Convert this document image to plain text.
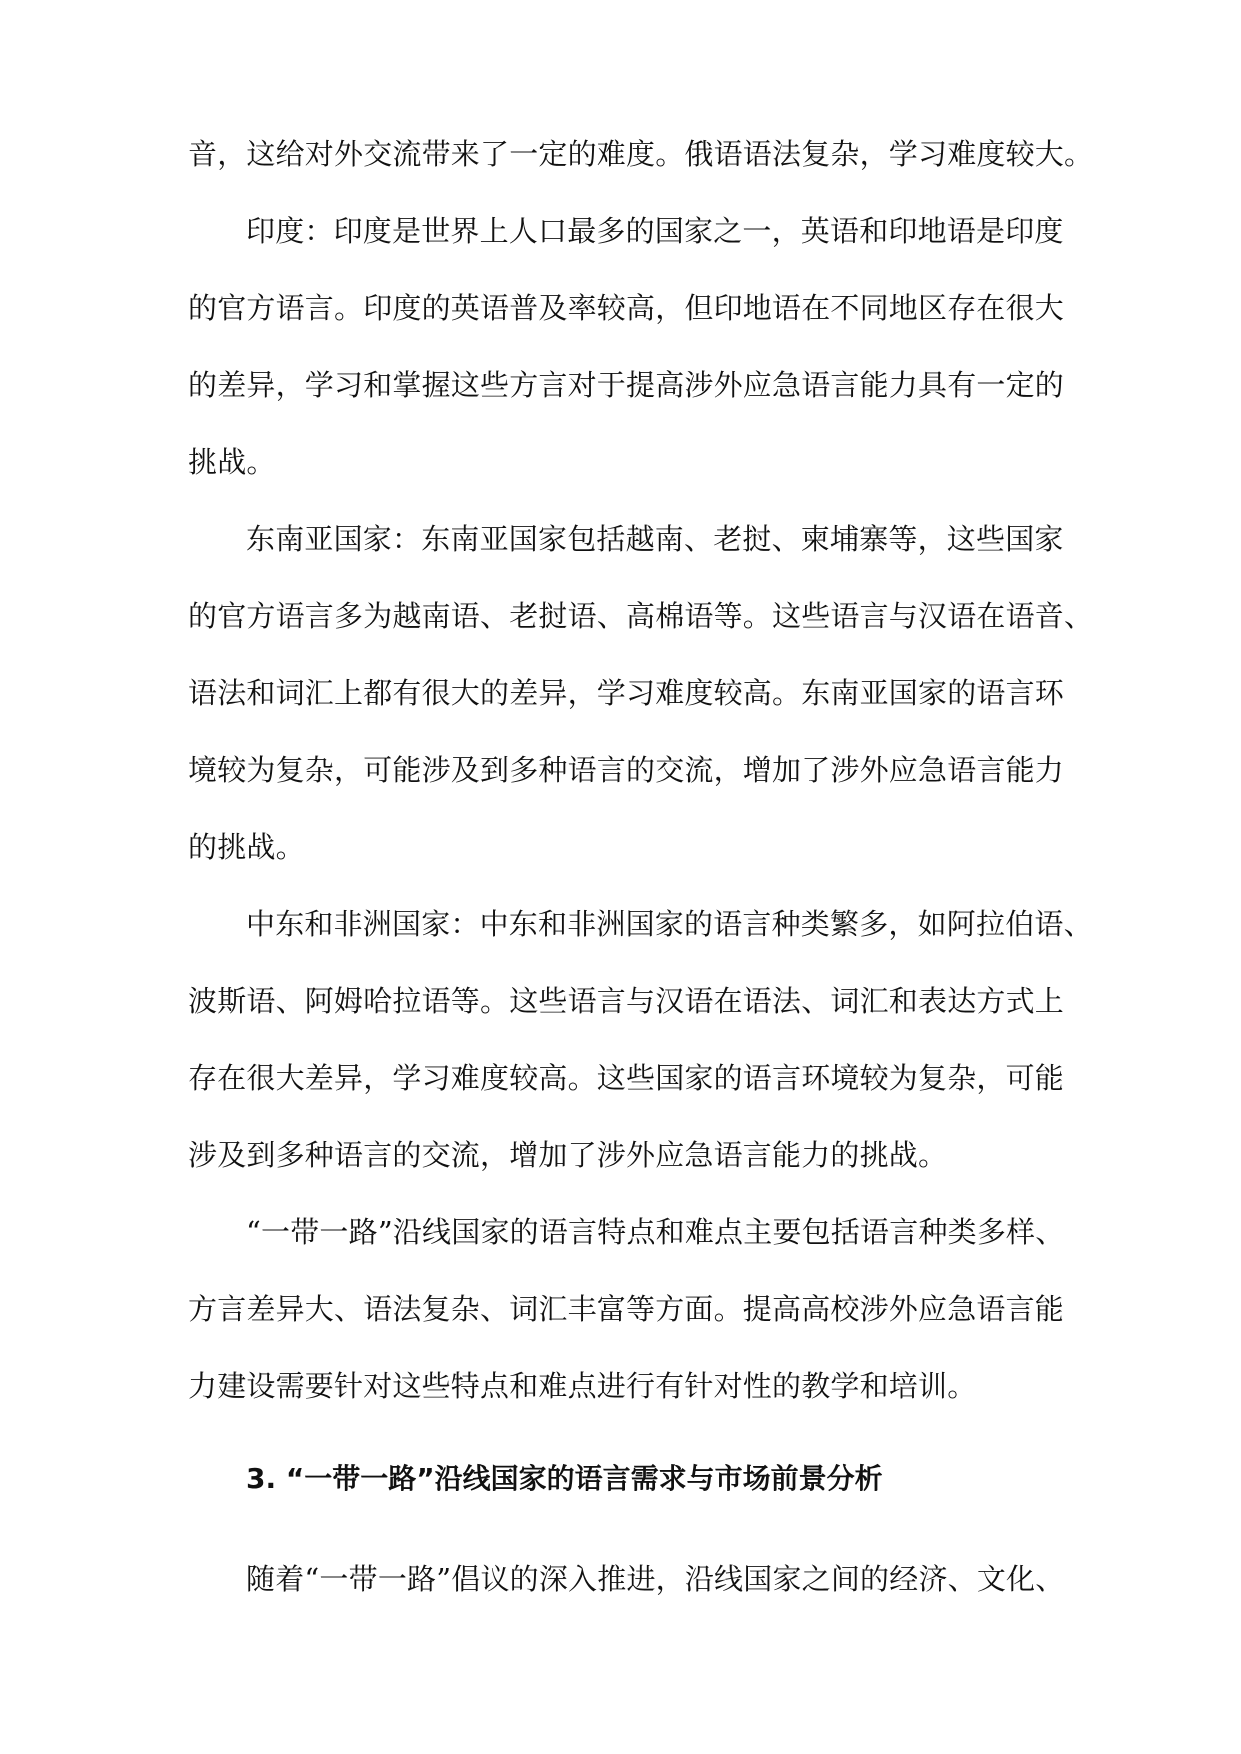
音，这给对外交流带来了一定的难度。俄语语法复杂，学习难度较大。
印度：印度是世界上人口最多的国家之一，英语和印地语是印度
的官方语言。印度的英语普及率较高，但印地语在不同地区存在很大
的差异，学习和掌握这些方言对于提高涉外应急语言能力具有一定的
挑战。
东南亚国家：东南亚国家包括越南、老挝、柬埔寨等，这些国家
的官方语言多为越南语、老挝语、高棉语等。这些语言与汉语在语音、
语法和词汇上都有很大的差异，学习难度较高。东南亚国家的语言环
境较为复杂，可能涉及到多种语言的交流，增加了涉外应急语言能力
的挑战。
中东和非洲国家：中东和非洲国家的语言种类繁多，如阿拉伯语、
波斯语、阿姆哈拉语等。这些语言与汉语在语法、词汇和表达方式上
存在很大差异，学习难度较高。这些国家的语言环境较为复杂，可能
涉及到多种语言的交流，增加了涉外应急语言能力的挑战。
“一带一路”沿线国家的语言特点和难点主要包括语言种类多样、
方言差异大、语法复杂、词汇丰富等方面。提高高校涉外应急语言能
力建设需要针对这些特点和难点进行有针对性的教学和培训。
3. “一带一路”沿线国家的语言需求与市场前景分析
随着“一带一路”倡议的深入推进，沿线国家之间的经济、文化、
